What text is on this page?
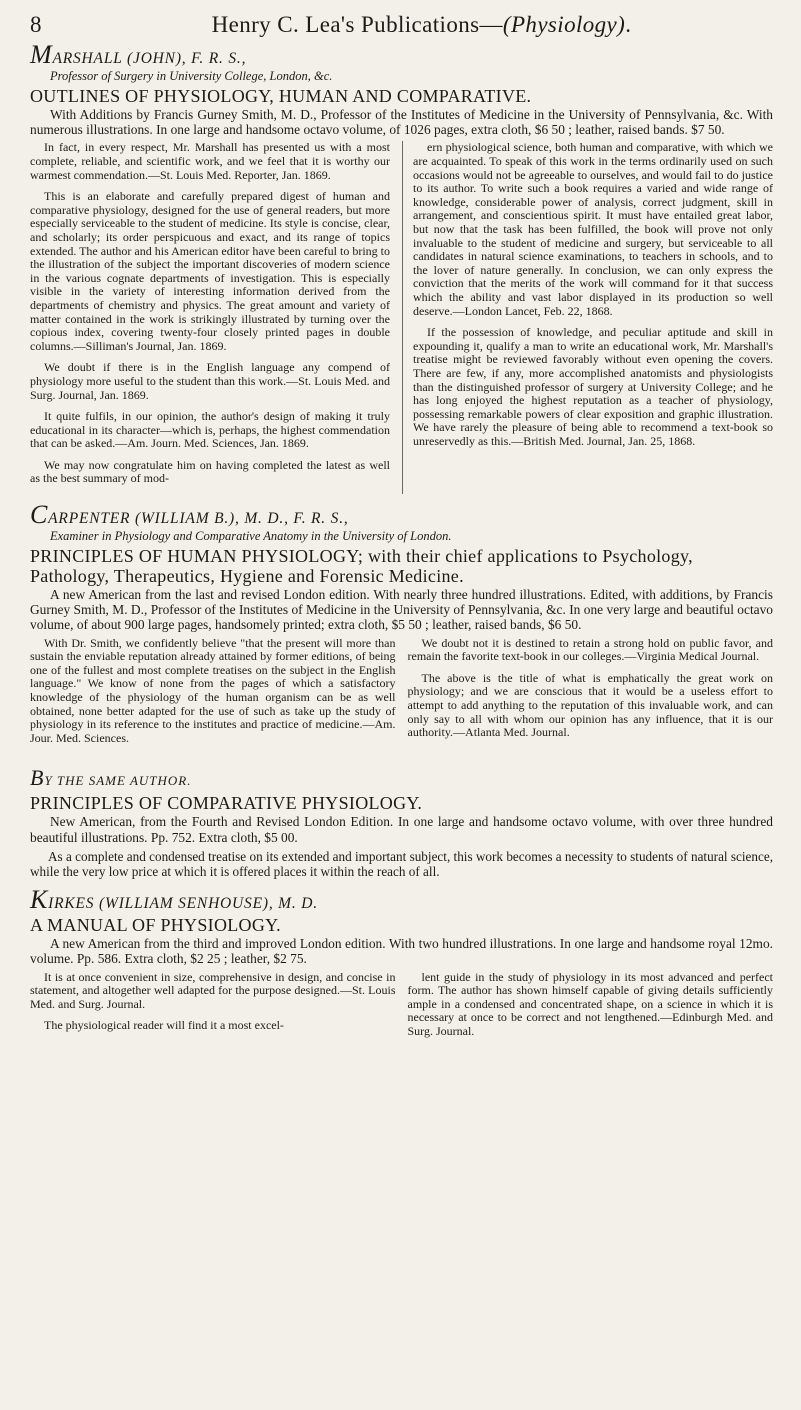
8	Henry C. Lea's Publications—(Physiology).
MARSHALL (JOHN), F. R. S.,
Professor of Surgery in University College, London, &c.
OUTLINES OF PHYSIOLOGY, HUMAN AND COMPARATIVE.
With Additions by Francis Gurney Smith, M. D., Professor of the Institutes of Medicine in the University of Pennsylvania, &c. With numerous illustrations. In one large and handsome octavo volume, of 1026 pages, extra cloth, $6 50 ; leather, raised bands. $7 50.

In fact, in every respect, Mr. Marshall has presented us with a most complete, reliable, and scientific work, and we feel that it is worthy our warmest commendation.—St. Louis Med. Reporter, Jan. 1869.

This is an elaborate and carefully prepared digest of human and comparative physiology, designed for the use of general readers, but more especially serviceable to the student of medicine. Its style is concise, clear, and scholarly; its order perspicuous and exact, and its range of topics extended. The author and his American editor have been careful to bring to the illustration of the subject the important discoveries of modern science in the various cognate departments of investigation. This is especially visible in the variety of interesting information derived from the departments of chemistry and physics. The great amount and variety of matter contained in the work is strikingly illustrated by turning over the copious index, covering twenty-four closely printed pages in double columns.—Silliman's Journal, Jan. 1869.

We doubt if there is in the English language any compend of physiology more useful to the student than this work.—St. Louis Med. and Surg. Journal, Jan. 1869.

It quite fulfils, in our opinion, the author's design of making it truly educational in its character—which is, perhaps, the highest commendation that can be asked.—Am. Journ. Med. Sciences, Jan. 1869.

We may now congratulate him on having completed the latest as well as the best summary of mod-

ern physiological science, both human and comparative, with which we are acquainted. To speak of this work in the terms ordinarily used on such occasions would not be agreeable to ourselves, and would fail to do justice to its author. To write such a book requires a varied and wide range of knowledge, considerable power of analysis, correct judgment, skill in arrangement, and conscientious spirit. It must have entailed great labor, but now that the task has been fulfilled, the book will prove not only invaluable to the student of medicine and surgery, but serviceable to all candidates in natural science examinations, to teachers in schools, and to the lover of nature generally. In conclusion, we can only express the conviction that the merits of the work will command for it that success which the ability and vast labor displayed in its production so well deserve.—London Lancet, Feb. 22, 1868.

If the possession of knowledge, and peculiar aptitude and skill in expounding it, qualify a man to write an educational work, Mr. Marshall's treatise might be reviewed favorably without even opening the covers. There are few, if any, more accomplished anatomists and physiologists than the distinguished professor of surgery at University College; and he has long enjoyed the highest reputation as a teacher of physiology, possessing remarkable powers of clear exposition and graphic illustration. We have rarely the pleasure of being able to recommend a text-book so unreservedly as this.—British Med. Journal, Jan. 25, 1868.

CARPENTER (WILLIAM B.), M. D., F. R. S.,
Examiner in Physiology and Comparative Anatomy in the University of London.
PRINCIPLES OF HUMAN PHYSIOLOGY; with their chief applications to Psychology, Pathology, Therapeutics, Hygiene and Forensic Medicine.
A new American from the last and revised London edition. With nearly three hundred illustrations. Edited, with additions, by Francis Gurney Smith, M. D., Professor of the Institutes of Medicine in the University of Pennsylvania, &c. In one very large and beautiful octavo volume, of about 900 large pages, handsomely printed; extra cloth, $5 50 ; leather, raised bands, $6 50.

With Dr. Smith, we confidently believe "that the present will more than sustain the enviable reputation already attained by former editions, of being one of the fullest and most complete treatises on the subject in the English language." We know of none from the pages of which a satisfactory knowledge of the physiology of the human organism can be as well obtained, none better adapted for the use of such as take up the study of physiology in its reference to the institutes and practice of medicine.—Am. Jour. Med. Sciences.

We doubt not it is destined to retain a strong hold on public favor, and remain the favorite text-book in our colleges.—Virginia Medical Journal.

The above is the title of what is emphatically the great work on physiology; and we are conscious that it would be a useless effort to attempt to add anything to the reputation of this invaluable work, and can only say to all with whom our opinion has any influence, that it is our authority.—Atlanta Med. Journal.

BY THE SAME AUTHOR.
PRINCIPLES OF COMPARATIVE PHYSIOLOGY.
New American, from the Fourth and Revised London Edition. In one large and handsome octavo volume, with over three hundred beautiful illustrations. Pp. 752. Extra cloth, $5 00.
As a complete and condensed treatise on its extended and important subject, this work becomes a necessity to students of natural science, while the very low price at which it is offered places it within the reach of all.
KIRKES (WILLIAM SENHOUSE), M. D.
A MANUAL OF PHYSIOLOGY.
A new American from the third and improved London edition. With two hundred illustrations. In one large and handsome royal 12mo. volume. Pp. 586. Extra cloth, $2 25 ; leather, $2 75.

It is at once convenient in size, comprehensive in design, and concise in statement, and altogether well adapted for the purpose designed.—St. Louis Med. and Surg. Journal.

The physiological reader will find it a most excel-

lent guide in the study of physiology in its most advanced and perfect form. The author has shown himself capable of giving details sufficiently ample in a condensed and concentrated shape, on a science in which it is necessary at once to be correct and not lengthened.—Edinburgh Med. and Surg. Journal.
